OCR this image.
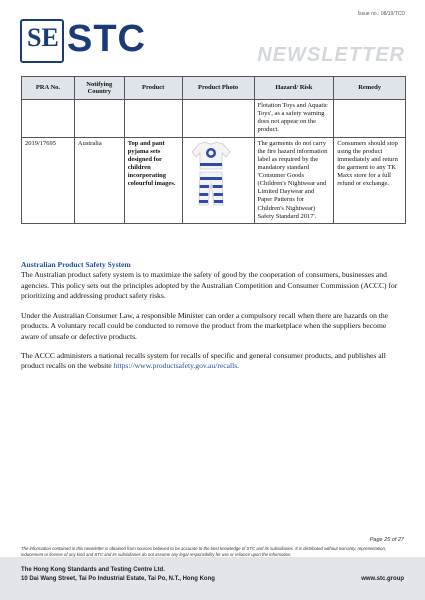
SE STC
Issue no.: 08/19/TCD
NEWSLETTER
PRA No.	Notifying Country	Product	Product Photo	Hazard/ Risk	Remedy
				Flotation Toys and Aquatic Toys', as a safety warning does not appear on the product.	
2019/17695	Australia	Top and pant pyjama sets designed for children incorporating colourful images.		The garments do not carry the fire hazard information label as required by the mandatory standard 'Consumer Goods (Children's Nightwear and Limited Daywear and Paper Patterns for Children's Nightwear) Safety Standard 2017'.	Consumers should stop using the product immediately and return the garment to any TK Maxx store for a full refund or exchange.
Australian Product Safety System
The Australian product safety system is to maximize the safety of good by the cooperation of consumers, businesses and agencies. This policy sets out the principles adopted by the Australian Competition and Consumer Commission (ACCC) for prioritizing and addressing product safety risks.
Under the Australian Consumer Law, a responsible Minister can order a compulsory recall when there are hazards on the products. A voluntary recall could be conducted to remove the product from the marketplace when the suppliers become aware of unsafe or defective products.
The ACCC administers a national recalls system for recalls of specific and general consumer products, and publishes all product recalls on the website https://www.productsafety.gov.au/recalls.
Page 25 of 27
The information contained in this newsletter is obtained from sources believed to be accurate to the best knowledge of STC and its subsidiaries. It is distributed without warranty, representation, inducement or license of any kind and STC and its subsidiaries do not assume any legal responsibility for use or reliance upon the information.
The Hong Kong Standards and Testing Centre Ltd.
10 Dai Wang Street, Tai Po Industrial Estate, Tai Po, N.T., Hong Kong	www.stc.group
